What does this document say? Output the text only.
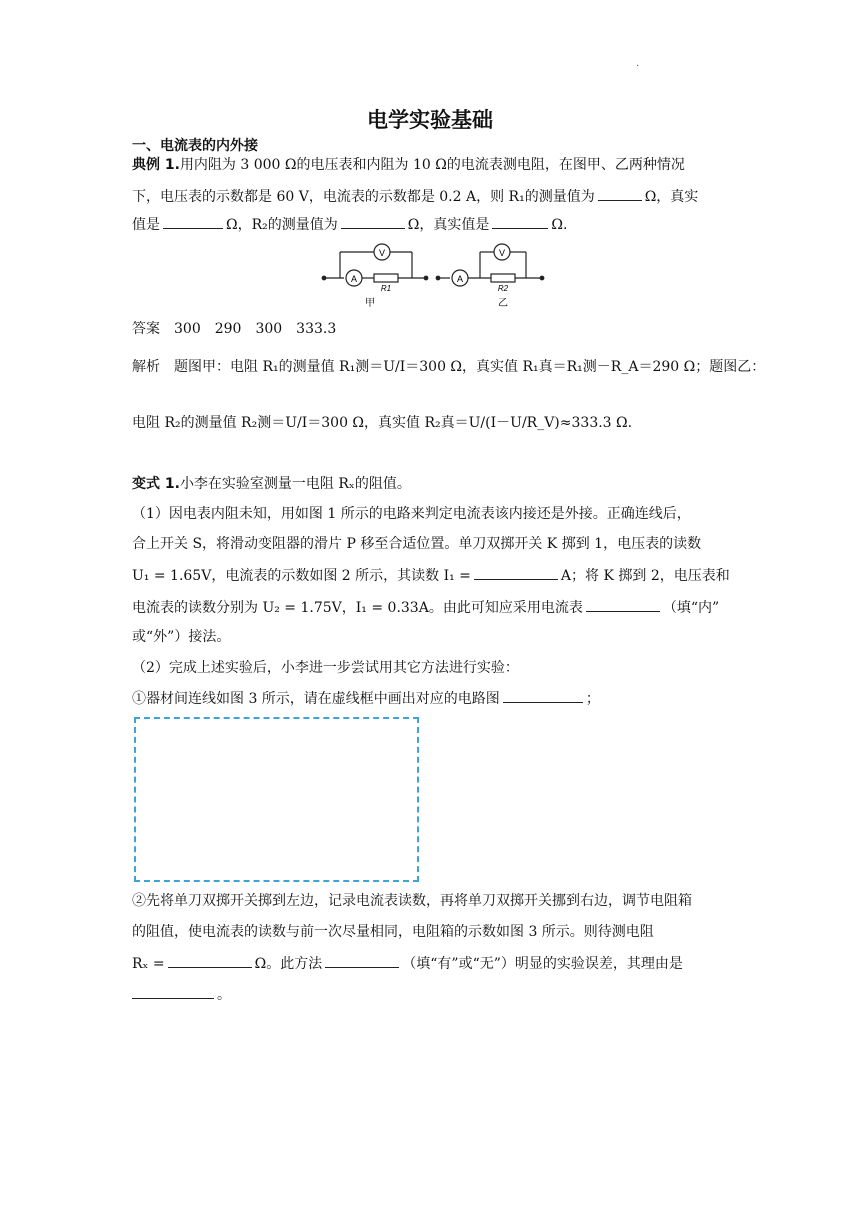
.
电学实验基础
一、电流表的内外接
典例 1.用内阻为 3 000 Ω的电压表和内阻为 10 Ω的电流表测电阻，在图甲、乙两种情况
下，电压表的示数都是 60 V，电流表的示数都是 0.2 A，则 R₁的测量值为	Ω，真实
值是	Ω，R₂的测量值为	Ω，真实值是	Ω.
V
A
R1
甲
V
A
R2
乙
答案　 300　290　300　333.3
解析　 题图甲：电阻 R₁的测量值 R₁测＝U/I＝300 Ω，真实值 R₁真＝R₁测－R_A＝290 Ω；题图乙：
电阻 R₂的测量值 R₂测＝U/I＝300 Ω，真实值 R₂真＝U/(I－U/R_V)≈333.3 Ω.
变式 1.小李在实验室测量一电阻 Rₓ的阻值。
（1）因电表内阻未知，用如图 1 所示的电路来判定电流表该内接还是外接。正确连线后，
合上开关 S，将滑动变阻器的滑片 P 移至合适位置。单刀双掷开关 K 掷到 1，电压表的读数
U₁ = 1.65V，电流表的示数如图 2 所示，其读数 I₁ =	A；将 K 掷到 2，电压表和
电流表的读数分别为 U₂ = 1.75V，I₁ = 0.33A。由此可知应采用电流表	（填“内”
或“外”）接法。
（2）完成上述实验后，小李进一步尝试用其它方法进行实验：
①器材间连线如图 3 所示，请在虚线框中画出对应的电路图	；
②先将单刀双掷开关掷到左边，记录电流表读数，再将单刀双掷开关挪到右边，调节电阻箱
的阻值，使电流表的读数与前一次尽量相同，电阻箱的示数如图 3 所示。则待测电阻
Rₓ =	Ω。此方法	（填“有”或“无”）明显的实验误差，其理由是
。
